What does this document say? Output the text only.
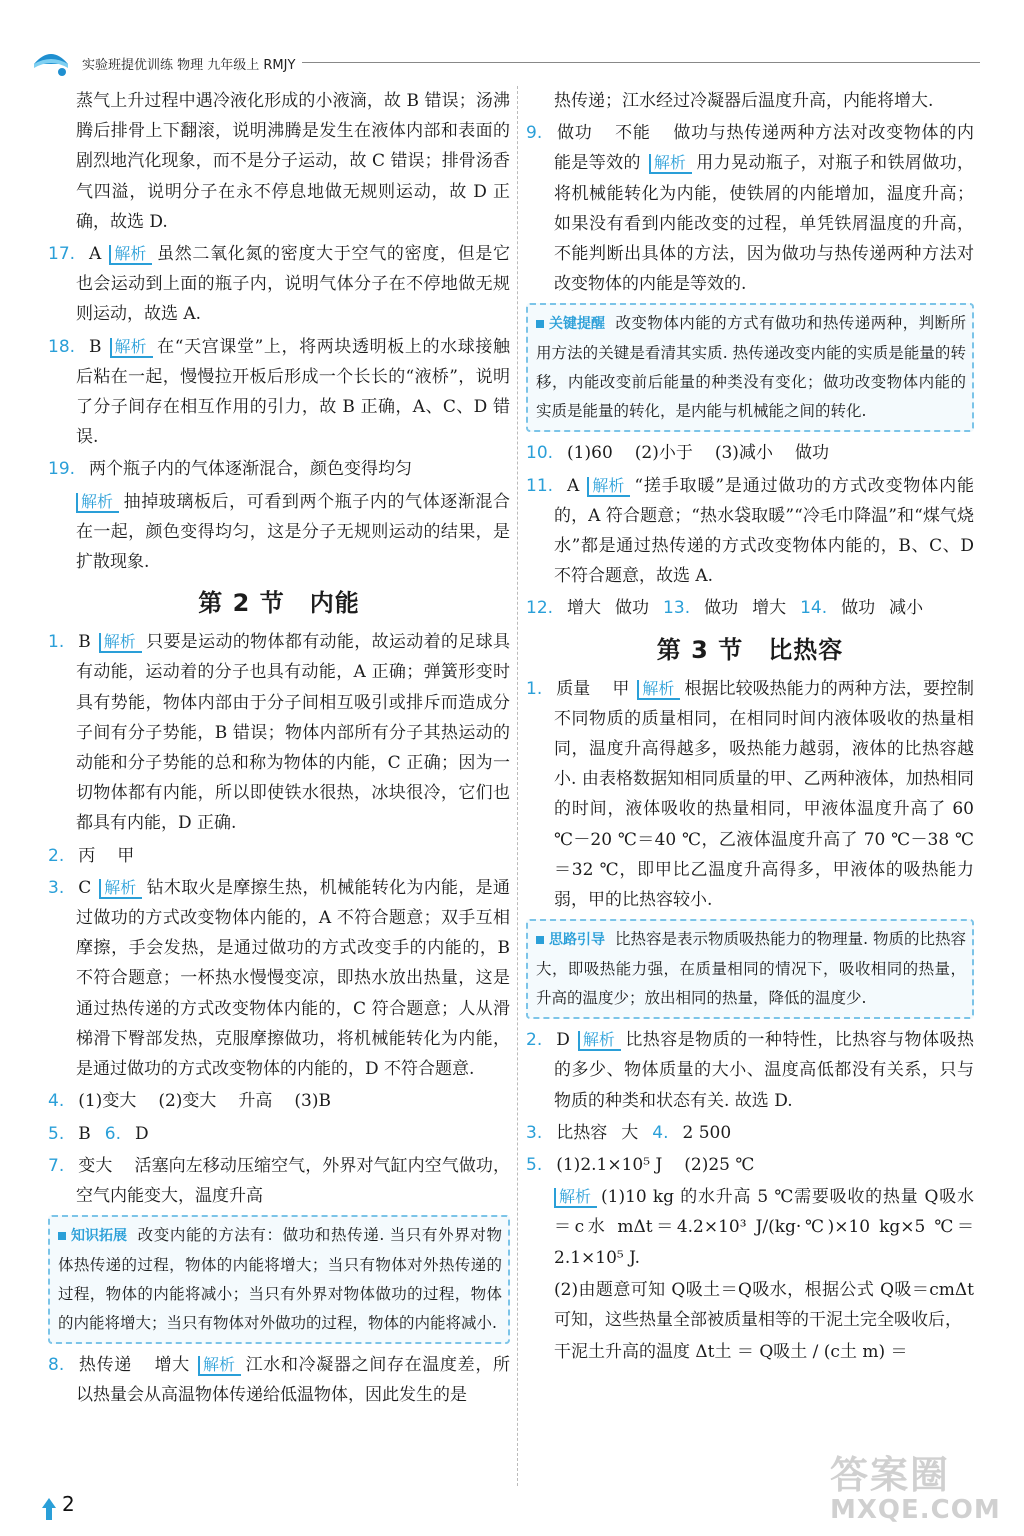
实验班提优训练 物理 九年级上 RMJY

蒸气上升过程中遇冷液化形成的小液滴，故 B 错误；汤沸腾后排骨上下翻滚，说明沸腾是发生在液体内部和表面的剧烈地汽化现象，而不是分子运动，故 C 错误；排骨汤香气四溢，说明分子在永不停息地做无规则运动，故 D 正确，故选 D.

17 . A 解析 虽然二氧化氮的密度大于空气的密度，但是它也会运动到上面的瓶子内，说明气体分子在不停地做无规则运动，故选 A.

18 . B 解析 在“天宫课堂”上，将两块透明板上的水球接触后粘在一起，慢慢拉开板后形成一个长长的“液桥”，说明了分子间存在相互作用的引力，故 B 正确，A、C、D 错误.

19 . 两个瓶子内的气体逐渐混合，颜色变得均匀

解析 抽掉玻璃板后，可看到两个瓶子内的气体逐渐混合在一起，颜色变得均匀，这是分子无规则运动的结果，是扩散现象.

第 2 节　内能

1 . B 解析 只要是运动的物体都有动能，故运动着的足球具有动能，运动着的分子也具有动能，A 正确；弹簧形变时具有势能，物体内部由于分子间相互吸引或排斥而造成分子间有分子势能，B 错误；物体内部所有分子其热运动的动能和分子势能的总和称为物体的内能，C 正确；因为一切物体都有内能，所以即使铁水很热，冰块很冷，它们也都具有内能，D 正确.

2 . 丙 甲

3 . C 解析 钻木取火是摩擦生热，机械能转化为内能，是通过做功的方式改变物体内能的，A 不符合题意；双手互相摩擦，手会发热，是通过做功的方式改变手的内能的，B 不符合题意；一杯热水慢慢变凉，即热水放出热量，这是通过热传递的方式改变物体内能的，C 符合题意；人从滑梯滑下臀部发热，克服摩擦做功，将机械能转化为内能，是通过做功的方式改变物体的内能的，D 不符合题意.

4 . (1)变大 (2)变大 升高 (3)B

5 . B 6 . D

7 . 变大 活塞向左移动压缩空气，外界对气缸内空气做功，空气内能变大，温度升高

知识拓展 改变内能的方法有：做功和热传递. 当只有外界对物体热传递的过程，物体的内能将增大；当只有物体对外热传递的过程，物体的内能将减小；当只有外界对物体做功的过程，物体的内能将增大；当只有物体对外做功的过程，物体的内能将减小.

8 . 热传递 增大 解析 江水和冷凝器之间存在温度差，所以热量会从高温物体传递给低温物体，因此发生的是

热传递；江水经过冷凝器后温度升高，内能将增大.

9 . 做功 不能 做功与热传递两种方法对改变物体的内能是等效的 解析 用力晃动瓶子，对瓶子和铁屑做功，将机械能转化为内能，使铁屑的内能增加，温度升高；如果没有看到内能改变的过程，单凭铁屑温度的升高，不能判断出具体的方法，因为做功与热传递两种方法对改变物体的内能是等效的.

关键提醒 改变物体内能的方式有做功和热传递两种，判断所用方法的关键是看清其实质. 热传递改变内能的实质是能量的转移，内能改变前后能量的种类没有变化；做功改变物体内能的实质是能量的转化，是内能与机械能之间的转化.

10 . (1)60 (2)小于 (3)减小 做功

11 . A 解析 “搓手取暖”是通过做功的方式改变物体内能的，A 符合题意；“热水袋取暖”“冷毛巾降温”和“煤气烧水”都是通过热传递的方式改变物体内能的，B、C、D 不符合题意，故选 A.

12 . 增大 做功 13 . 做功 增大 14 . 做功 减小

第 3 节　比热容

1 . 质量 甲 解析 根据比较吸热能力的两种方法，要控制不同物质的质量相同，在相同时间内液体吸收的热量相同，温度升高得越多，吸热能力越弱，液体的比热容越小. 由表格数据知相同质量的甲、乙两种液体，加热相同的时间，液体吸收的热量相同，甲液体温度升高了 60 ℃－20 ℃＝40 ℃，乙液体温度升高了 70 ℃－38 ℃＝32 ℃，即甲比乙温度升高得多，甲液体的吸热能力弱，甲的比热容较小.

思路引导 比热容是表示物质吸热能力的物理量. 物质的比热容大，即吸热能力强，在质量相同的情况下，吸收相同的热量，升高的温度少；放出相同的热量，降低的温度少.

2 . D 解析 比热容是物质的一种特性，比热容与物体吸热的多少、物体质量的大小、温度高低都没有关系，只与物质的种类和状态有关. 故选 D.

3 . 比热容 大 4 . 2 500

5 . (1)2.1×10⁵ J (2)25 ℃

解析 (1)10 kg 的水升高 5 ℃需要吸收的热量 Q吸水＝c水 mΔt＝4.2×10³ J/(kg·℃)×10 kg×5 ℃＝2.1×10⁵ J.

(2)由题意可知 Q吸土＝Q吸水，根据公式 Q吸＝cmΔt 可知，这些热量全部被质量相等的干泥土完全吸收后，

干泥土升高的温度 Δt土 ＝ Q吸土 / (c土 m) ＝

2
答案圈
MXQE.COM
